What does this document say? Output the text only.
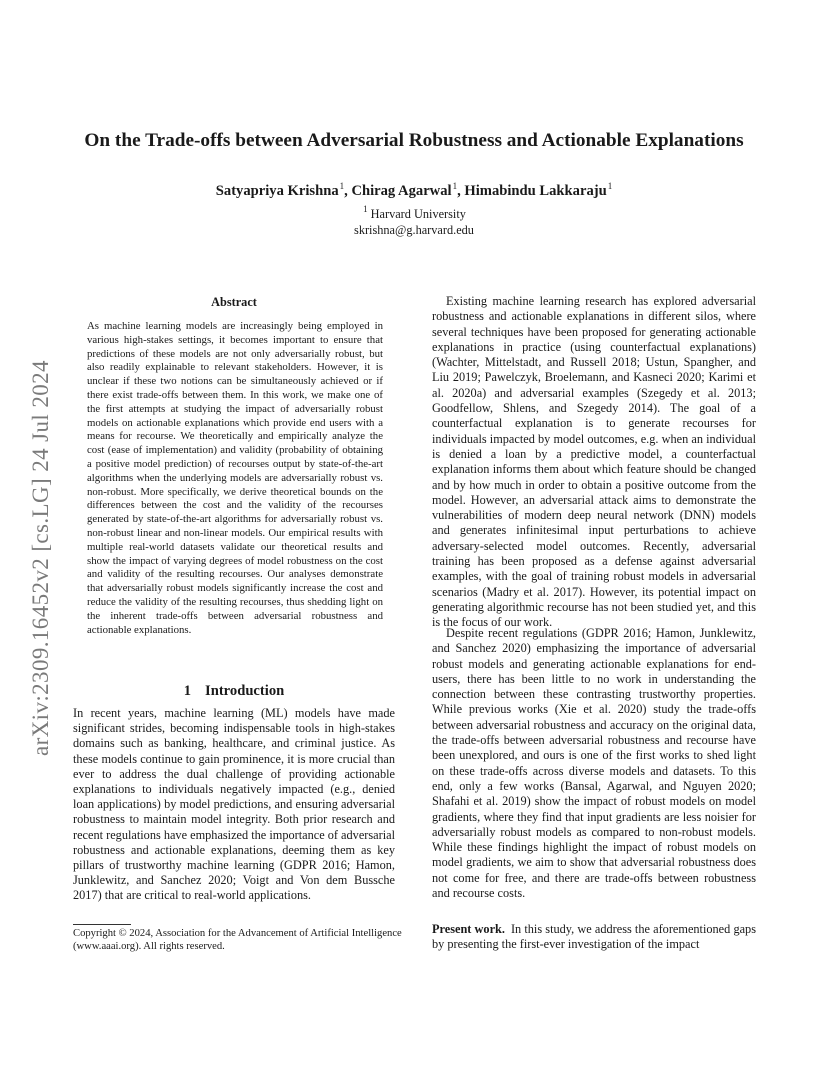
arXiv:2309.16452v2 [cs.LG] 24 Jul 2024
On the Trade-offs between Adversarial Robustness and Actionable Explanations
Satyapriya Krishna$^1$, Chirag Agarwal$^1$, Himabindu Lakkaraju$^1$
$^1$ Harvard University
skrishna@g.harvard.edu
Abstract
As machine learning models are increasingly being employed in various high-stakes settings, it becomes important to ensure that predictions of these models are not only adversarially robust, but also readily explainable to relevant stakeholders. However, it is unclear if these two notions can be simultaneously achieved or if there exist trade-offs between them. In this work, we make one of the first attempts at studying the impact of adversarially robust models on actionable explanations which provide end users with a means for recourse. We theoretically and empirically analyze the cost (ease of implementation) and validity (probability of obtaining a positive model prediction) of recourses output by state-of-the-art algorithms when the underlying models are adversarially robust vs. non-robust. More specifically, we derive theoretical bounds on the differences between the cost and the validity of the recourses generated by state-of-the-art algorithms for adversarially robust vs. non-robust linear and non-linear models. Our empirical results with multiple real-world datasets validate our theoretical results and show the impact of varying degrees of model robustness on the cost and validity of the resulting recourses. Our analyses demonstrate that adversarially robust models significantly increase the cost and reduce the validity of the resulting recourses, thus shedding light on the inherent trade-offs between adversarial robustness and actionable explanations.
1 Introduction
In recent years, machine learning (ML) models have made significant strides, becoming indispensable tools in high-stakes domains such as banking, healthcare, and criminal justice. As these models continue to gain prominence, it is more crucial than ever to address the dual challenge of providing actionable explanations to individuals negatively impacted (e.g., denied loan applications) by model predictions, and ensuring adversarial robustness to maintain model integrity. Both prior research and recent regulations have emphasized the importance of adversarial robustness and actionable explanations, deeming them as key pillars of trustworthy machine learning (GDPR 2016; Hamon, Junklewitz, and Sanchez 2020; Voigt and Von dem Bussche 2017) that are critical to real-world applications.
Copyright © 2024, Association for the Advancement of Artificial Intelligence (www.aaai.org). All rights reserved.
Existing machine learning research has explored adversarial robustness and actionable explanations in different silos, where several techniques have been proposed for generating actionable explanations in practice (using counterfactual explanations) (Wachter, Mittelstadt, and Russell 2018; Ustun, Spangher, and Liu 2019; Pawelczyk, Broelemann, and Kasneci 2020; Karimi et al. 2020a) and adversarial examples (Szegedy et al. 2013; Goodfellow, Shlens, and Szegedy 2014). The goal of a counterfactual explanation is to generate recourses for individuals impacted by model outcomes, e.g. when an individual is denied a loan by a predictive model, a counterfactual explanation informs them about which feature should be changed and by how much in order to obtain a positive outcome from the model. However, an adversarial attack aims to demonstrate the vulnerabilities of modern deep neural network (DNN) models and generates infinitesimal input perturbations to achieve adversary-selected model outcomes. Recently, adversarial training has been proposed as a defense against adversarial examples, with the goal of training robust models in adversarial scenarios (Madry et al. 2017). However, its potential impact on generating algorithmic recourse has not been studied yet, and this is the focus of our work.
Despite recent regulations (GDPR 2016; Hamon, Junklewitz, and Sanchez 2020) emphasizing the importance of adversarial robust models and generating actionable explanations for end-users, there has been little to no work in understanding the connection between these contrasting trustworthy properties. While previous works (Xie et al. 2020) study the trade-offs between adversarial robustness and accuracy on the original data, the trade-offs between adversarial robustness and recourse have been unexplored, and ours is one of the first works to shed light on these trade-offs across diverse models and datasets. To this end, only a few works (Bansal, Agarwal, and Nguyen 2020; Shafahi et al. 2019) show the impact of robust models on model gradients, where they find that input gradients are less noisier for adversarially robust models as compared to non-robust models. While these findings highlight the impact of robust models on model gradients, we aim to show that adversarial robustness does not come for free, and there are trade-offs between robustness and recourse costs.
Present work. In this study, we address the aforementioned gaps by presenting the first-ever investigation of the impact
